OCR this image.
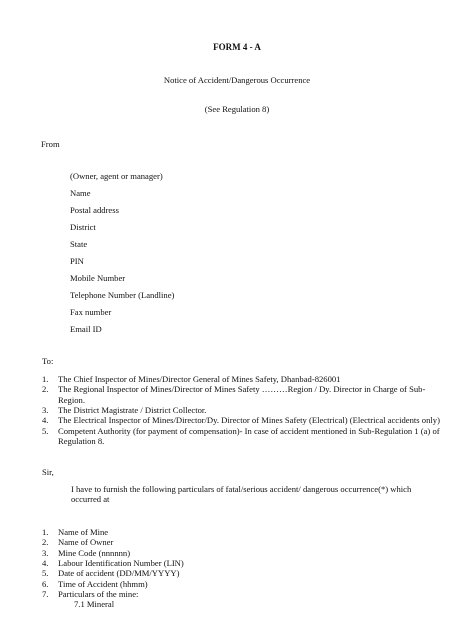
FORM 4 - A
Notice of Accident/Dangerous Occurrence
(See Regulation 8)
From
(Owner, agent or manager)
Name
Postal address
District
State
PIN
Mobile Number
Telephone Number (Landline)
Fax number
Email ID
To:
1. The Chief Inspector of Mines/Director General of Mines Safety, Dhanbad-826001
2. The Regional Inspector of Mines/Director of Mines Safety ………Region / Dy. Director in Charge of Sub-Region.
3. The District Magistrate / District Collector.
4. The Electrical Inspector of Mines/Director/Dy. Director of Mines Safety (Electrical) (Electrical accidents only)
5. Competent Authority (for payment of compensation)- In case of accident mentioned in Sub-Regulation 1 (a) of Regulation 8.
Sir,
I have to furnish the following particulars of fatal/serious accident/ dangerous occurrence(*) which occurred at
1. Name of Mine
2. Name of Owner
3. Mine Code (nnnnnn)
4. Labour Identification Number (LIN)
5. Date of accident (DD/MM/YYYY)
6. Time of Accident (hhmm)
7. Particulars of the mine:
7.1 Mineral
